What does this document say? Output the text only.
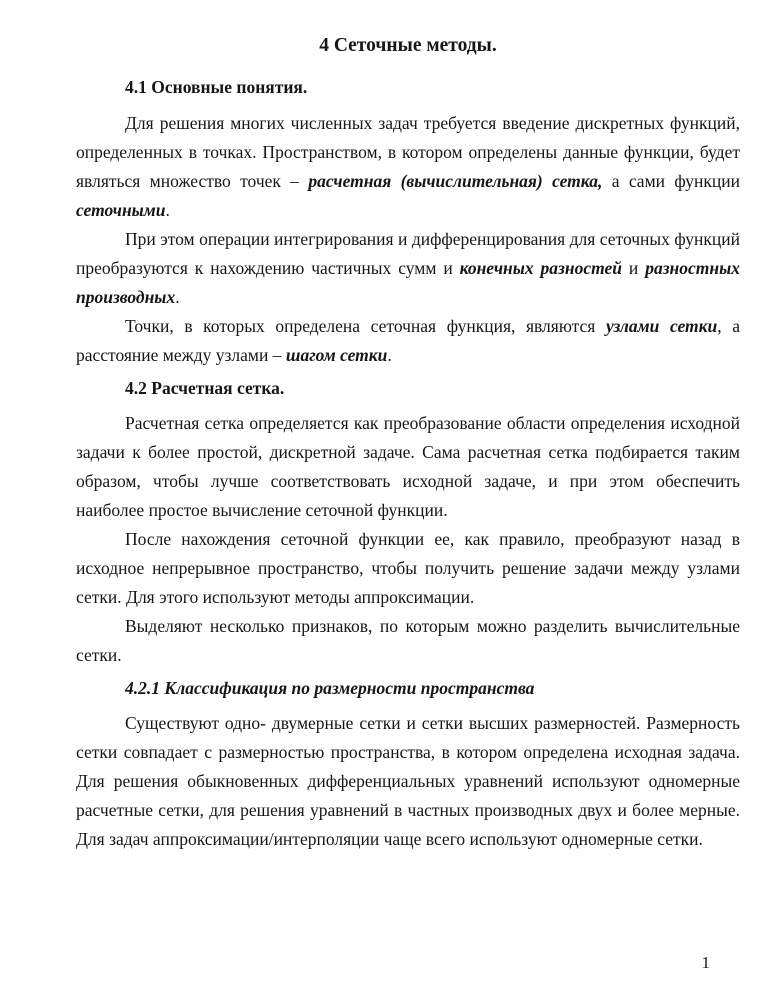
4 Сеточные методы.
4.1 Основные понятия.

Для решения многих численных задач требуется введение дискретных функций, определенных в точках. Пространством, в котором определены данные функции, будет являться множество точек – расчетная (вычислительная) сетка, а сами функции сеточными.

При этом операции интегрирования и дифференцирования для сеточных функций преобразуются к нахождению частичных сумм и конечных разностей и разностных производных.

Точки, в которых определена сеточная функция, являются узлами сетки, а расстояние между узлами – шагом сетки.

4.2 Расчетная сетка.

Расчетная сетка определяется как преобразование области определения исходной задачи к более простой, дискретной задаче. Сама расчетная сетка подбирается таким образом, чтобы лучше соответствовать исходной задаче, и при этом обеспечить наиболее простое вычисление сеточной функции.

После нахождения сеточной функции ее, как правило, преобразуют назад в исходное непрерывное пространство, чтобы получить решение задачи между узлами сетки. Для этого используют методы аппроксимации.

Выделяют несколько признаков, по которым можно разделить вычислительные сетки.

4.2.1 Классификация по размерности пространства

Существуют одно- двумерные сетки и сетки высших размерностей. Размерность сетки совпадает с размерностью пространства, в котором определена исходная задача. Для решения обыкновенных дифференциальных уравнений используют одномерные расчетные сетки, для решения уравнений в частных производных двух и более мерные. Для задач аппроксимации/интерполяции чаще всего используют одномерные сетки.

1
